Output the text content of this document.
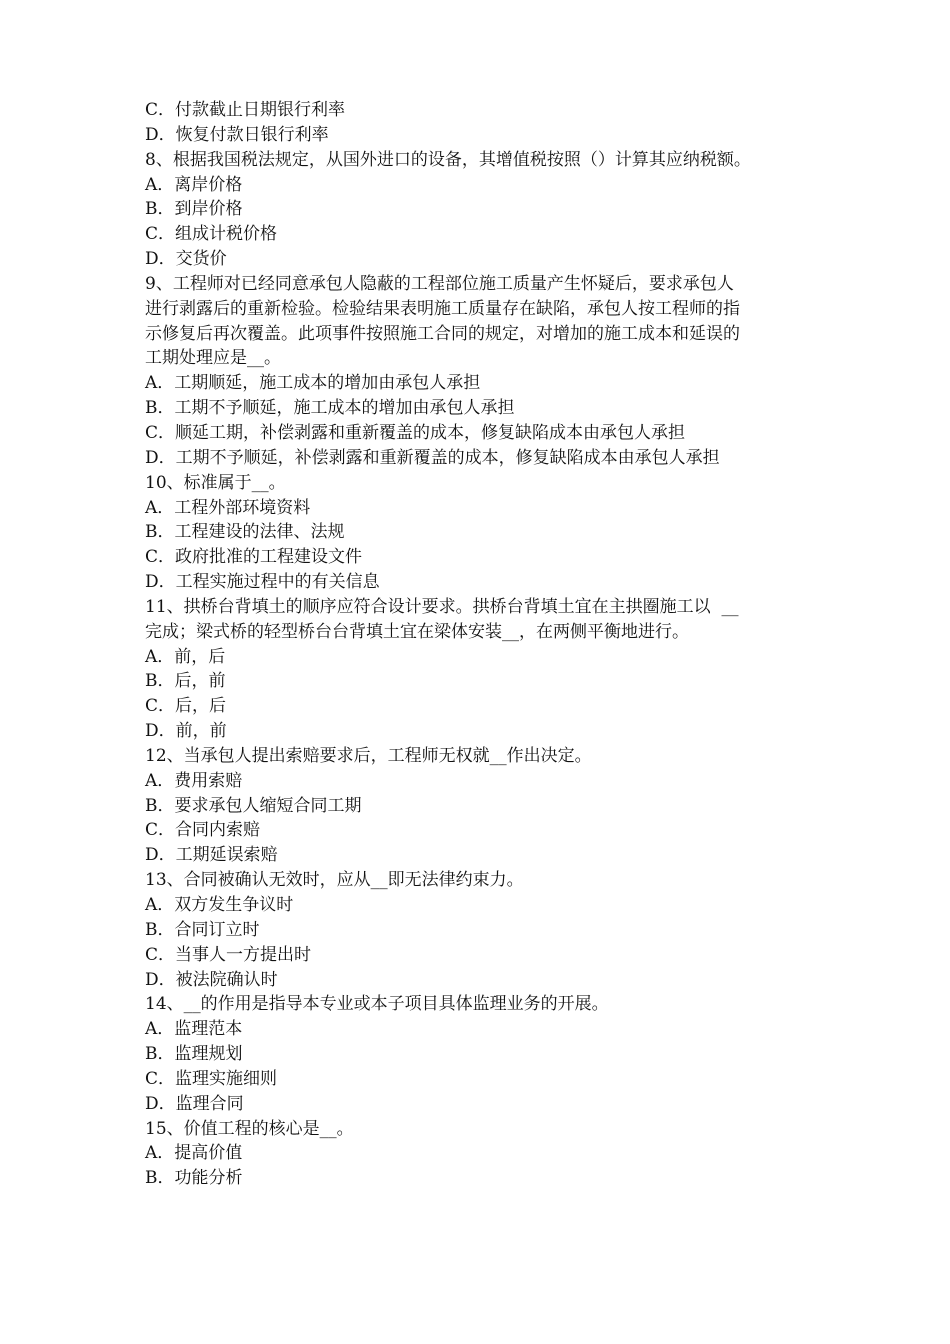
C．付款截止日期银行利率
D．恢复付款日银行利率
8、根据我国税法规定，从国外进口的设备，其增值税按照（）计算其应纳税额。
A．离岸价格
B．到岸价格
C．组成计税价格
D．交货价
9、工程师对已经同意承包人隐蔽的工程部位施工质量产生怀疑后，要求承包人
进行剥露后的重新检验。检验结果表明施工质量存在缺陷，承包人按工程师的指
示修复后再次覆盖。此项事件按照施工合同的规定，对增加的施工成本和延误的
工期处理应是__。
A．工期顺延，施工成本的增加由承包人承担
B．工期不予顺延，施工成本的增加由承包人承担
C．顺延工期，补偿剥露和重新覆盖的成本，修复缺陷成本由承包人承担
D．工期不予顺延，补偿剥露和重新覆盖的成本，修复缺陷成本由承包人承担
10、标准属于__。
A．工程外部环境资料
B．工程建设的法律、法规
C．政府批准的工程建设文件
D．工程实施过程中的有关信息
11、拱桥台背填土的顺序应符合设计要求。拱桥台背填土宜在主拱圈施工以  __
完成；梁式桥的轻型桥台台背填土宜在梁体安装__，在两侧平衡地进行。
A．前，后
B．后，前
C．后，后
D．前，前
12、当承包人提出索赔要求后，工程师无权就__作出决定。
A．费用索赔
B．要求承包人缩短合同工期
C．合同内索赔
D．工期延误索赔
13、合同被确认无效时，应从__即无法律约束力。
A．双方发生争议时
B．合同订立时
C．当事人一方提出时
D．被法院确认时
14、__的作用是指导本专业或本子项目具体监理业务的开展。
A．监理范本
B．监理规划
C．监理实施细则
D．监理合同
15、价值工程的核心是__。
A．提高价值
B．功能分析
